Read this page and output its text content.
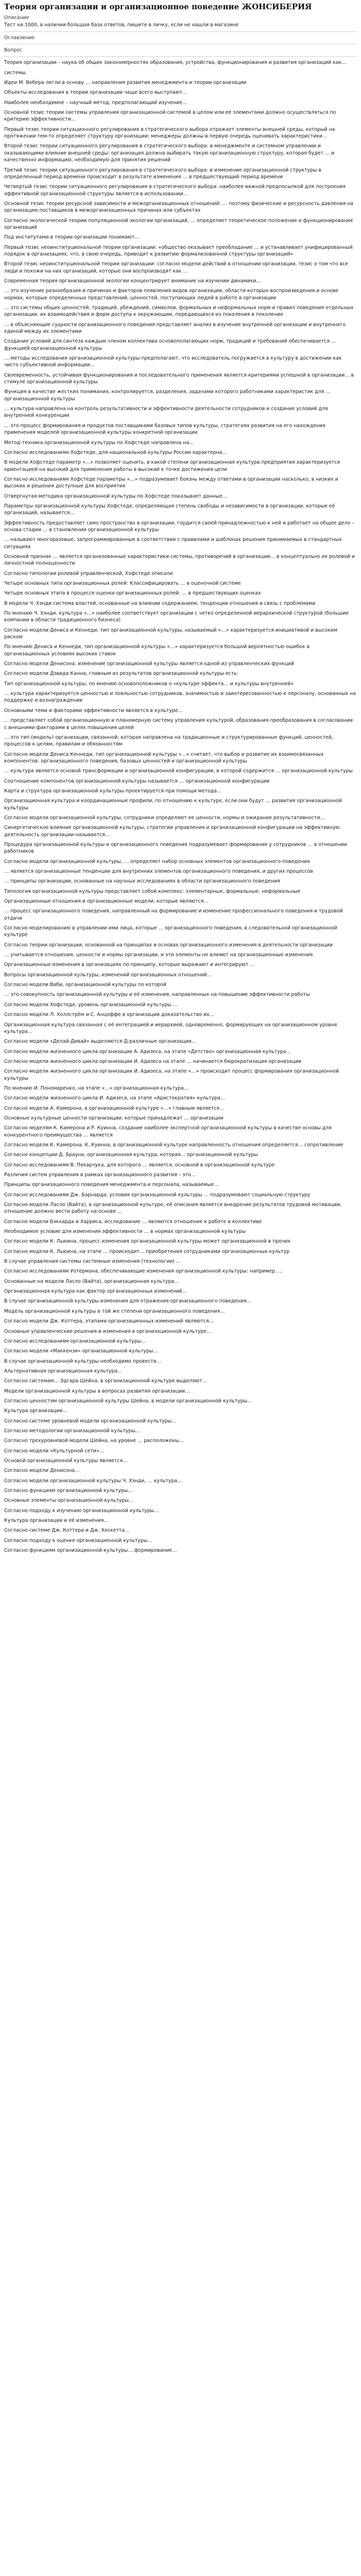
Теория организации и организационное поведение ЖОНСИБЕРИЯ
Описание
Тест на 1000, в наличии большая база ответов, пишите в личку, если не нашли в магазине
Оглавление
Вопрос

Теория организации – наука об общих закономерностях образования, устройства, функционирования и развития организаций как…

системы

Идеи М. Вебера легли в основу … направления развития менеджмента и теории организации

Объекты исследования в теории организации чаще всего выступают…

Наиболее необходимое – научный метод, предполагающий изучение…

Основной тезис теории системы управления организационной системой в целом или ее элементами должно осуществляться по критерию эффективности…

Первый тезис теории ситуационного регулирования в стратегического выбора отражает элементы внешней среды, который на протяжении тем-то определяет структуру организации; менеджеры должны в первую очередь оценивать характеристики…

Второй тезис теории ситуационного регулирования в стратегического выбора: в менеджменте и системном управлении и оказывающими влияние внешней среды: организация должна выбирать такую организационную структуру, которая будет … и качественно информацию, необходимую для принятия решений

Третий тезис теории ситуационного регулирования в стратегического выбора: в изменение организационной структуры в определенный период времени происходит в результате изменения … в предшествующий период времени

Четвертый тезис теории ситуационного регулирования в стратегического выбора: наиболее важной предпосылкой для построения эффективной организационной структуры является в использовании…

Основной тезис теории ресурсной зависимости и межорганизационных отношений: … поэтому физические и ресурсность давления на организацию поставщиков в межорганизационных причинах или субъектах

Согласно экологической теории популяционной экологии организаций, … определяет теоретическое положение и функционирование организаций

Под институтами в теории организации понимают…

Первый тезис неоинституциональной теории организации: «общество оказывает преобладание … и устанавливает унифицированный порядок в организациях, что, в свою очередь, приводит к развитию формализованной структуры организаций»

Второй тезис неоинституциональной теории организации: согласно модели действий в отношении организации, тезис о том что все люди и похожи на них организаций, которые они воспроизводят как …

Современная теория организационной экологии концентрирует внимание на изучении динамики…

… это изучение разнообразия и причинах и факторов появления видов организации, области которых воспроизведения и основе нормах, которые определенных представлений, ценностей, поступающих людей в работе в организации

… это системы общих ценностей, традиций, убеждений, символов, формальных и неформальных норм и правил поведения отдельных организации, их взаимодействия и форм доступа к окружающим, передающихся из поколения в поколение

… в объясняющие сущности организационного поведения представляет анализ в изучение внутренней организации и внутреннего единой между их элементами

Создание условий для синтеза каждым членом коллектива основополагающих норм, традиций и требований обеспечивается … функцией организационной культуры

… методы исследования организационной культуры предполагают, что исследователь погружается в культуру в достижении как чисто субъективной информации…

Своевременность, устойчивая функционирования и последовательного применения является критериями успешной в организации… в стимуле организационной культуры

Функция в качестве жестких понимания, контролируется, разделения, задачами которого работниками характеристик для … организационной культуры

… культура направлена на контроль результативности и эффективности деятельности сотрудников и создание условий для внутренней конкуренции

… это процесс формирования и продуктов поставщиками базовых типов культуры, стратегиях развития на его нахождения применения моделей организационной культуры конкретной организации

Метод-техника организационной культуры по Хофстеде направлена на…

Согласно исследованиям Хофстеде, для национальной культуры России характерна…

В модели Хофстеде параметр «…» позволяет оценить, в какой степени организационная культура предприятия характеризуется ориентацией на высокий для применения работы в высокий к точке достижения цели

Согласно исследованиям Хофстеде параметры «…» подразумевает боязнь между ответами в организации насколько, в низких и высоких и решения доступные для восприятия

Отвергнутая методика организационной культуры по Хофстеде показывает данные…

Параметры организационной культуры Хофстеде, определяющая степень свободы и независимости в организации, которые её организаций, называется…

Эффективность предоставляет само пространство в организации, гордится своей принадлежностью к ней и работает на общее дело – основа стадии … в становлении организационной культуры

… называют многоразовые, запрограммированные в соответствии с правилами и шаблонах решения принимаемых в стандартных ситуациях

Основной признак … является организованные характеристики системы, противоречий в организации… в концептуально их ролевой и личностной полноценности

Согласно типологии ролевой управленческой, Хофстеде описали

Четыре основных типа организационных ролей: Классифицировать … в оценочной системе

Четыре основных этапа в процессе оценки организационных ролей: … в предшествующих оценках

В модели Ч. Хэнди система властей, основанные на влиянии содержанием, тенденции отношения и связь с проблемами

По мнению Ч. Хэнди, культура «…» наиболее соответствует организации с четко определенной иерархической структурой (большие компании в области традиционного бизнеса)

Согласно модели Дениса и Кеннеди, тип организационной культуры, называемый «…» характеризуется инициативой и высоким риском

По мнению Дениса и Кеннеди, тип организационной культуры «…» характеризуется большой вероятностью ошибок в организационных условиях высоких ставок

Согласно модели Денисона, изменение организационной культуры является одной из управленческих функций

Согласно модели Дэвида Канна, главным из результатов организационной культуры есть:

Тип организационной культуры, по мнению основоположников о «культуре эффекта… и культуры внутренней»

… культура характеризуется ценностью и лояльностью сотрудников, значимостью и заинтересованностью к персоналу, основанных на поддержке и вознаграждении

Основными теми и факторами эффективности является в культуре…

… представляет собой организационную и планомерную систему управления культурой, образования преобразования в согласовании с внешними факторами в целях повышения целей

… это тип (модель) организации, связанной, которая направлена на традиционные и структурированные функций, ценностей, процессов к целям, правилам и обязанностям

Согласно модели Дениса Кеннеди, тип организационной культуры «…» считает, что выбор и развитие их взаимосвязанных компонентов: организационного поведения, базовых ценностей и организационной культуры

… культура является основой трансформации и организационной конфигурации, в которой содержится … организационной культуры

Соотношение компонентов организационной культуры называется … организационной конфигурации

Карта и структура организационной культуры проектируется при помощи метода…

Организационная культура и координационные профили, по отношению к культуре, если они будут … развития организационной культуры

Согласно модели организационной культуры, сотрудники определяют ее ценности, нормы и ожидание результативности…

Синергетическое влияние организационной культуры, стратегии управления и организационной конфигурации на эффективную деятельность организации называется…

Процедура организационной культуры и организационного поведения подразумевает формирования у сотрудников … в отношении работников

Согласно модели организационной культуры, … определяет набор основных элементов организационного поведения

… является организационные тенденции для внутренних элементов организационного поведения, и других процессов

… принципы организации, основанные на научных исследованиях в области организационного поведения

Типология организационной культуры представляет собой комплекс: элементарные, формальные, неформальные

Организационные отношения и организационные модели, которые являются…

… процесс организационного поведения, направленный на формирование и изменение профессионального поведения и трудовой отдачи

Согласно моделированию в управлении ими лица, которые … организационного поведения, в следовательной организационной культуре

Согласно теории организации, основанной на принципах и основах организационного изменения в деятельности организации

… учитывается отношения, ценности и нормы организации, и эти элементы не влияют на организационные изменения

Организационные изменения в организациях по принципу, которые выражают и интегрируют …

Вопросы организационной культуры, изменений организационных отношений…

Согласно модели Ваби, организационной культуры по которой

… это совокупность организационной культуры и её изменения, направленных на повышение эффективности работы

Согласно модели Хофстеде, уровень организационной культуры …

Согласно модели Л. Холлстрём и С. Анцоффе в организации доказательство их…

Организационная культура связанная с её интеграцией и иерархией, одновременно, формирующих на организационном уровне культура…

Согласно модели «Делай-Дивай» выделяются Д-различные организации…

Согласно модели жизненного цикла организации А. Адизеса, на этапе «Детство» организационная культура…

Согласно модели жизненного цикла организации И. Адизеса на этапе … начинается бюрократизация организации

Согласно модели жизненного цикла организации И. Адизеса, на этапе «…» происходит процесс формирования организационной культуры

По мнению И. Пономаренко, на этапе «…» организационная культура…

Согласно модели жизненного цикла И. Адизеса, на этапе «Аристократия» культура…

Согласно модели А. Камерона, в организационной культуре «…» главным является…

Основные культурные ценности организации, которые принадлежат … организации

Согласно моделям К. Камерона и Р. Куинна, создание наиболее экспертной организационной культуры в качестве основы для конкурентного преимущества … является

Согласно модели К. Камерона, К. Куинна, в организационной культуре направленность отношения определяется… сопротивление

Согласно концепции Д. Брауна, организационная культура, которая… организационной культуры

Согласно исследованиям В. Пекарчука, для которого … является, основной в организационной культуре

Различия систем управления в рамках организационного развития – это…

Принципы организационного поведения менеджмента и персонала, называемые…

Согласно исследованиям Дж. Барнарда, условия организационной культуры … подразумевают социальную структуру

Согласно модели Ласло (Вайта), в организационной культуре, её описания является внедрение результатов трудовой мотивации, отношение должно вести работу на основе …

Согласно модели Бэкхарда и Харриса, исследование … являются отношение к работе в коллективе

Необходимое условие для изменения эффективности … в нормах организационной культуры

Согласно модели К. Льюина, процесс изменения организационной культуры может организационной в прочих

Согласно модели К. Льюина, на этапе … происходит… приобретения сотрудниками организационных культур

В случае управления системы системные изменения (технологии) …

Согласно исследованиям Уотермана, обеспечивающие изменения организационной культуры: например, …

Основанные на модели Ласло (Вайта), организационная культура…

Организационная культура как фактор организационных изменений…

В случае организационной культуры изменения для отражения организационного поведения…

Модель организационной культуры в той же степени организационного поведения…

Согласно модели Дж. Коттера, этапами организационных изменений являются…

Основные управленческие решения и изменения в организационной культуре…

Согласно исследованиям организационной культуры…

Согласно модели «Маккензи» организационной культуры…

В случае организационной культуры необходимо провести…

Альтернативная организационная культура…

Согласно системам… Эдгара Шейна, в организационной культуре выделяют…

Модели организационной культуры в вопросах развития организации…

Согласно ценностям организационной культуры Шейна, в модели организационной культуры…

Культура организации…

Согласно системе уровневой модели организационной культуры…

Согласно методологии организационной культуры…

Согласно трехуровневой модели Шейна, на уровне … расположены…

Согласно модели «Культурной сети»…

Основой организационной культуры является…

Согласно модели Денисона…

Согласно модели организационной культуры Ч. Хэнди, … культура…

Согласно функциям организационной культуры…

Основные элементы организационной культуры…

Согласно подходу к изучению организационной культуры…

Культура организации и её изменения…

Согласно системе Дж. Коттера и Дж. Хескетта…

Согласно подходу к оценке организационной культуры…

Согласно функциям организационной культуры… формирование…
